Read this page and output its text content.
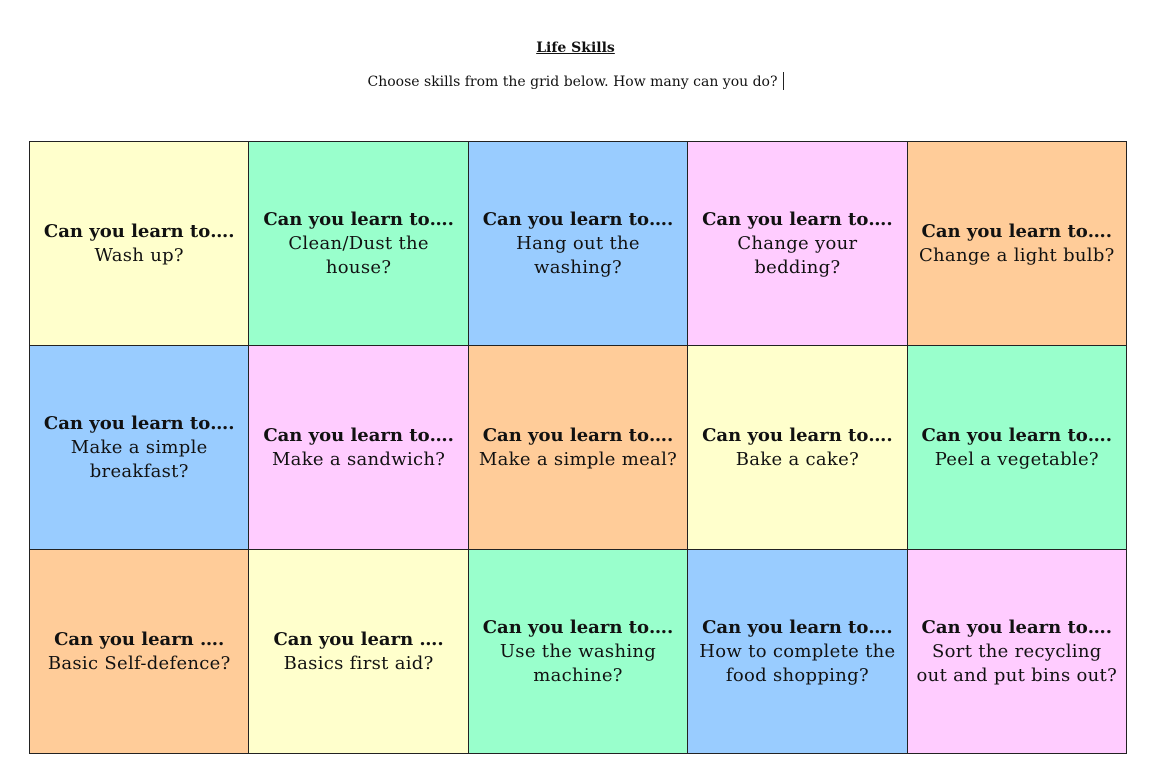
Life Skills
Choose skills from the grid below. How many can you do?
Can you learn to….
Wash up?
Can you learn to….
Clean/Dust the house?
Can you learn to….
Hang out the washing?
Can you learn to….
Change your bedding?
Can you learn to….
Change a light bulb?
Can you learn to….
Make a simple breakfast?
Can you learn to….
Make a sandwich?
Can you learn to….
Make a simple meal?
Can you learn to….
Bake a cake?
Can you learn to….
Peel a vegetable?
Can you learn ….
Basic Self-defence?
Can you learn ….
Basics first aid?
Can you learn to….
Use the washing machine?
Can you learn to….
How to complete the food shopping?
Can you learn to….
Sort the recycling out and put bins out?
